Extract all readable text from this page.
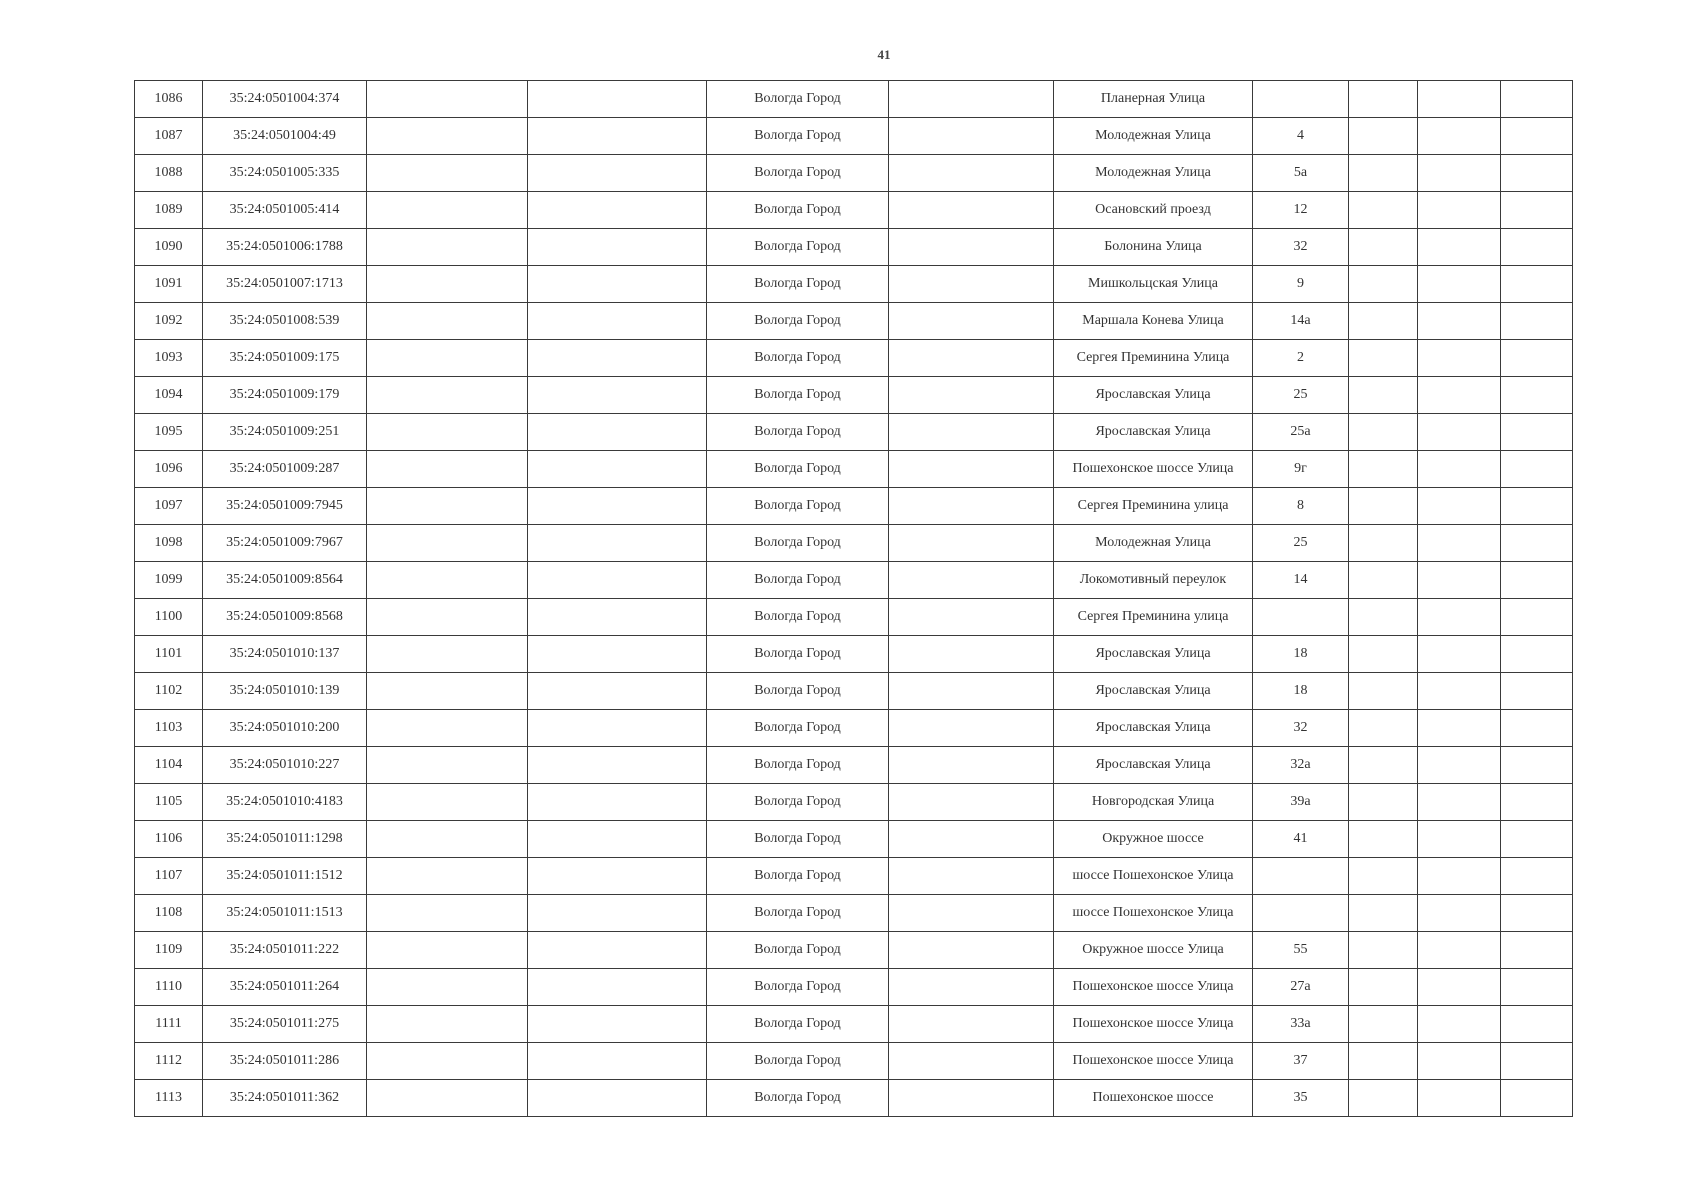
41
1086	35:24:0501004:374			Вологда Город		Планерная Улица				
1087	35:24:0501004:49			Вологда Город		Молодежная Улица	4			
1088	35:24:0501005:335			Вологда Город		Молодежная Улица	5а			
1089	35:24:0501005:414			Вологда Город		Осановский проезд	12			
1090	35:24:0501006:1788			Вологда Город		Болонина Улица	32			
1091	35:24:0501007:1713			Вологда Город		Мишкольцская Улица	9			
1092	35:24:0501008:539			Вологда Город		Маршала Конева Улица	14а			
1093	35:24:0501009:175			Вологда Город		Сергея Преминина Улица	2			
1094	35:24:0501009:179			Вологда Город		Ярославская Улица	25			
1095	35:24:0501009:251			Вологда Город		Ярославская Улица	25а			
1096	35:24:0501009:287			Вологда Город		Пошехонское шоссе Улица	9г			
1097	35:24:0501009:7945			Вологда Город		Сергея Преминина улица	8			
1098	35:24:0501009:7967			Вологда Город		Молодежная Улица	25			
1099	35:24:0501009:8564			Вологда Город		Локомотивный переулок	14			
1100	35:24:0501009:8568			Вологда Город		Сергея Преминина улица				
1101	35:24:0501010:137			Вологда Город		Ярославская Улица	18			
1102	35:24:0501010:139			Вологда Город		Ярославская Улица	18			
1103	35:24:0501010:200			Вологда Город		Ярославская Улица	32			
1104	35:24:0501010:227			Вологда Город		Ярославская Улица	32а			
1105	35:24:0501010:4183			Вологда Город		Новгородская Улица	39а			
1106	35:24:0501011:1298			Вологда Город		Окружное шоссе	41			
1107	35:24:0501011:1512			Вологда Город		шоссе Пошехонское Улица				
1108	35:24:0501011:1513			Вологда Город		шоссе Пошехонское Улица				
1109	35:24:0501011:222			Вологда Город		Окружное шоссе Улица	55			
1110	35:24:0501011:264			Вологда Город		Пошехонское шоссе Улица	27а			
1111	35:24:0501011:275			Вологда Город		Пошехонское шоссе Улица	33а			
1112	35:24:0501011:286			Вологда Город		Пошехонское шоссе Улица	37			
1113	35:24:0501011:362			Вологда Город		Пошехонское шоссе	35			
